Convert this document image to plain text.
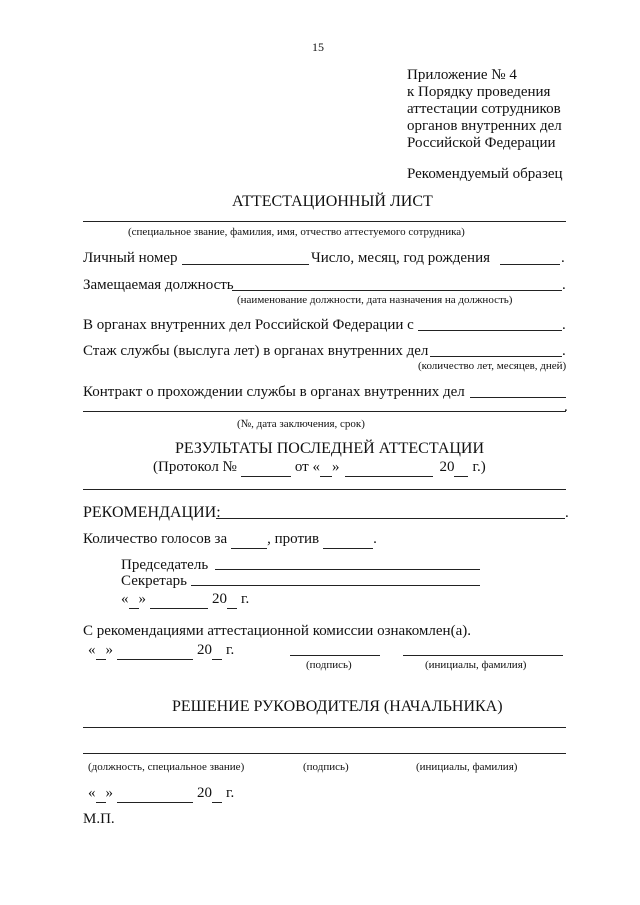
15
Приложение № 4
к Порядку проведения
аттестации сотрудников
органов внутренних дел
Российской Федерации
Рекомендуемый образец
АТТЕСТАЦИОННЫЙ ЛИСТ
(специальное звание, фамилия, имя, отчество аттестуемого сотрудника)
Личный номер	Число, месяц, год рождения	.
Замещаемая должность	.
(наименование должности, дата назначения на должность)
В органах внутренних дел Российской Федерации с	.
Стаж службы (выслуга лет) в органах внутренних дел	.
(количество лет, месяцев, дней)
Контракт о прохождении службы в органах внутренних дел
.
(№, дата заключения, срок)
РЕЗУЛЬТАТЫ ПОСЛЕДНЕЙ АТТЕСТАЦИИ
(Протокол №	от « »	20 г.)
РЕКОМЕНДАЦИИ:	.
Количество голосов за	, против	.
Председатель
Секретарь
« »	20 г.
С рекомендациями аттестационной комиссии ознакомлен(а).
« »	20 г.
(подпись)	(инициалы, фамилия)
РЕШЕНИЕ РУКОВОДИТЕЛЯ (НАЧАЛЬНИКА)
(должность, специальное звание)	(подпись)	(инициалы, фамилия)
« »	20 г.
М.П.
